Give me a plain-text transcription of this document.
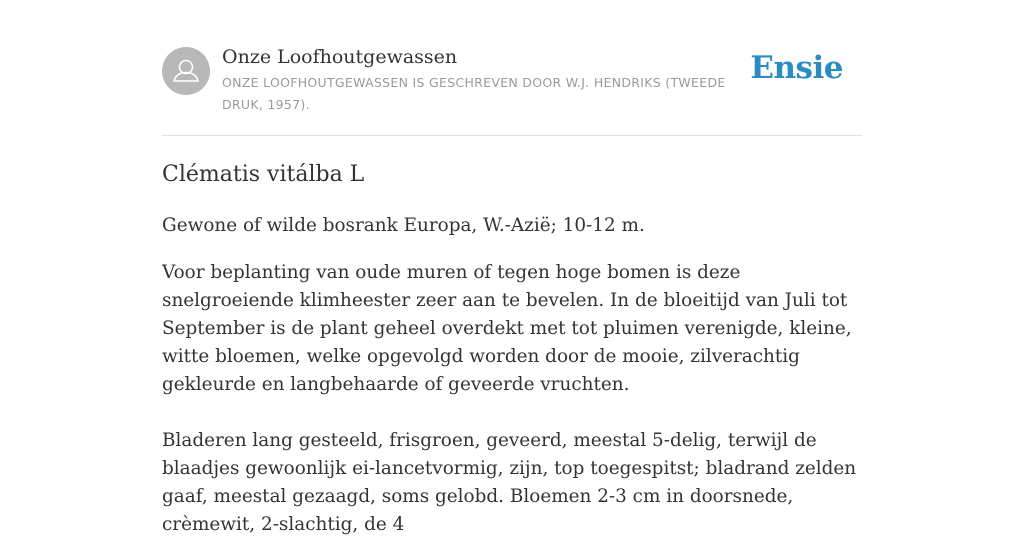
Onze Loofhoutgewassen
ONZE LOOFHOUTGEWASSEN IS GESCHREVEN DOOR W.J. HENDRIKS (TWEEDE DRUK, 1957).
Ensie
Clématis vitálba L

Gewone of wilde bosrank Europa, W.-Azië; 10-12 m.

Voor beplanting van oude muren of tegen hoge bomen is deze snelgroeiende klimheester zeer aan te bevelen. In de bloeitijd van Juli tot September is de plant geheel overdekt met tot pluimen verenigde, kleine, witte bloemen, welke opgevolgd worden door de mooie, zilverachtig gekleurde en langbehaarde of geveerde vruchten.

Bladeren lang gesteeld, frisgroen, geveerd, meestal 5-delig, terwijl de blaadjes gewoonlijk ei-lancetvormig, zijn, top toegespitst; bladrand zelden gaaf, meestal gezaagd, soms gelobd. Bloemen 2-3 cm in doorsnede, crèmewit, 2-slachtig, de 4
